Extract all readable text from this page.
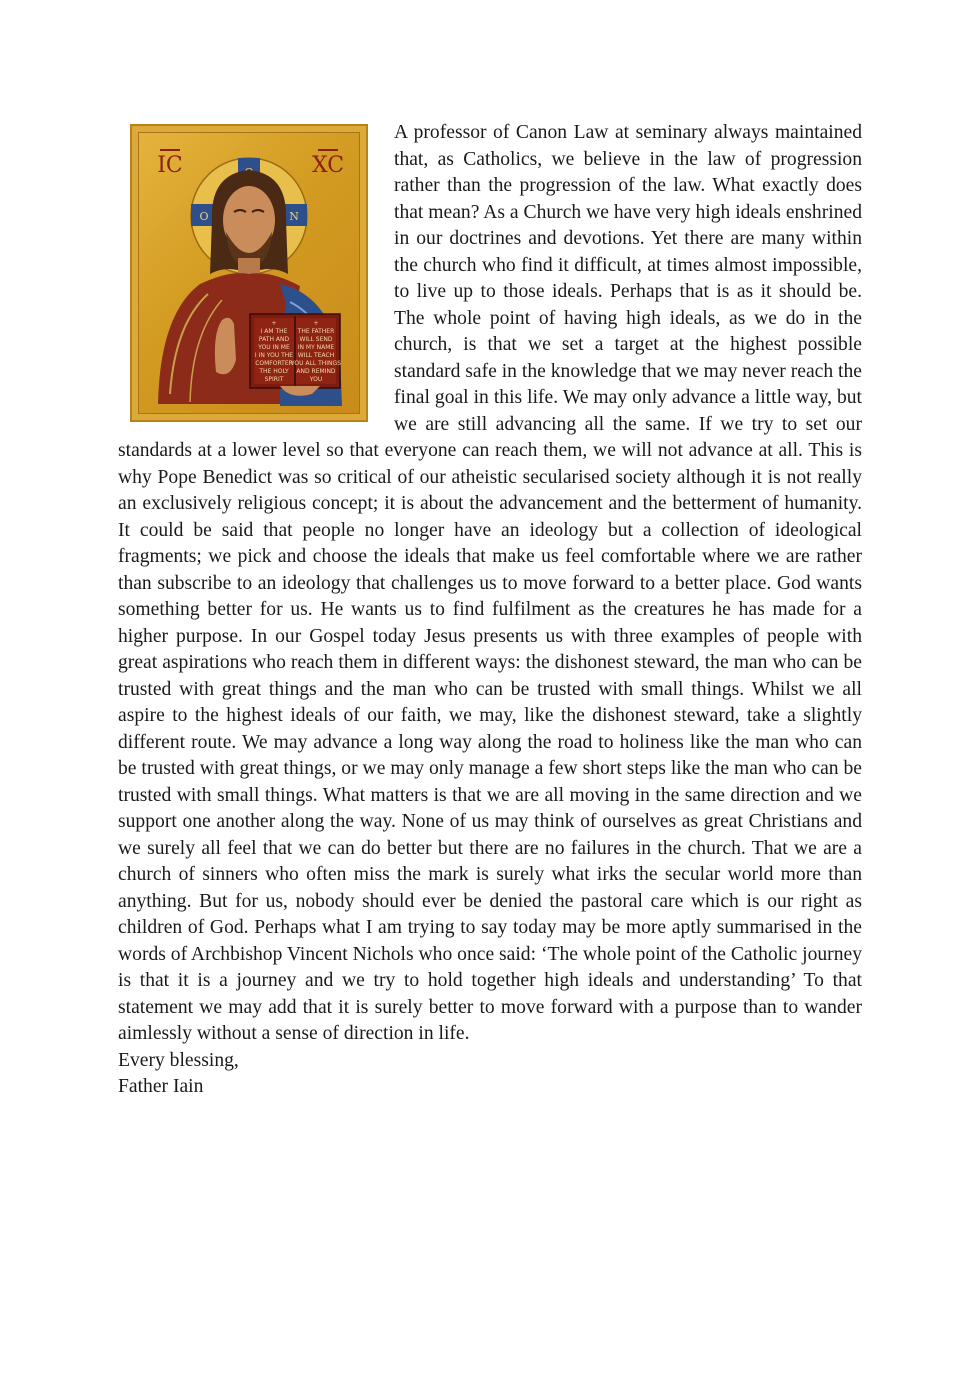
Ο	Ν
IC	XC
+
I AM THE
PATH AND
YOU IN ME
I IN YOU THE
COMFORTER
THE HOLY
SPIRIT
+
THE FATHER
WILL SEND
IN MY NAME
WILL TEACH
YOU ALL THINGS
AND REMIND
YOU

A professor of Canon Law at seminary always maintained that, as Catholics, we believe in the law of progression rather than the progression of the law. What exactly does that mean? As a Church we have very high ideals enshrined in our doctrines and devotions. Yet there are many within the church who find it difficult, at times almost impossible, to live up to those ideals. Perhaps that is as it should be. The whole point of having high ideals, as we do in the church, is that we set a target at the highest possible standard safe in the knowledge that we may never reach the final goal in this life. We may only advance a little way, but we are still advancing all the same. If we try to set our standards at a lower level so that everyone can reach them, we will not advance at all. This is why Pope Benedict was so critical of our atheistic secularised society although it is not really an exclusively religious concept; it is about the advancement and the betterment of humanity. It could be said that people no longer have an ideology but a collection of ideological fragments; we pick and choose the ideals that make us feel comfortable where we are rather than subscribe to an ideology that challenges us to move forward to a better place. God wants something better for us. He wants us to find fulfilment as the creatures he has made for a higher purpose. In our Gospel today Jesus presents us with three examples of people with great aspirations who reach them in different ways: the dishonest steward, the man who can be trusted with great things and the man who can be trusted with small things. Whilst we all aspire to the highest ideals of our faith, we may, like the dishonest steward, take a slightly different route. We may advance a long way along the road to holiness like the man who can be trusted with great things, or we may only manage a few short steps like the man who can be trusted with small things. What matters is that we are all moving in the same direction and we support one another along the way. None of us may think of ourselves as great Christians and we surely all feel that we can do better but there are no failures in the church. That we are a church of sinners who often miss the mark is surely what irks the secular world more than anything. But for us, nobody should ever be denied the pastoral care which is our right as children of God. Perhaps what I am trying to say today may be more aptly summarised in the words of Archbishop Vincent Nichols who once said: ‘The whole point of the Catholic journey is that it is a journey and we try to hold together high ideals and understanding’ To that statement we may add that it is surely better to move forward with a purpose than to wander aimlessly without a sense of direction in life.

Every blessing,

Father Iain
